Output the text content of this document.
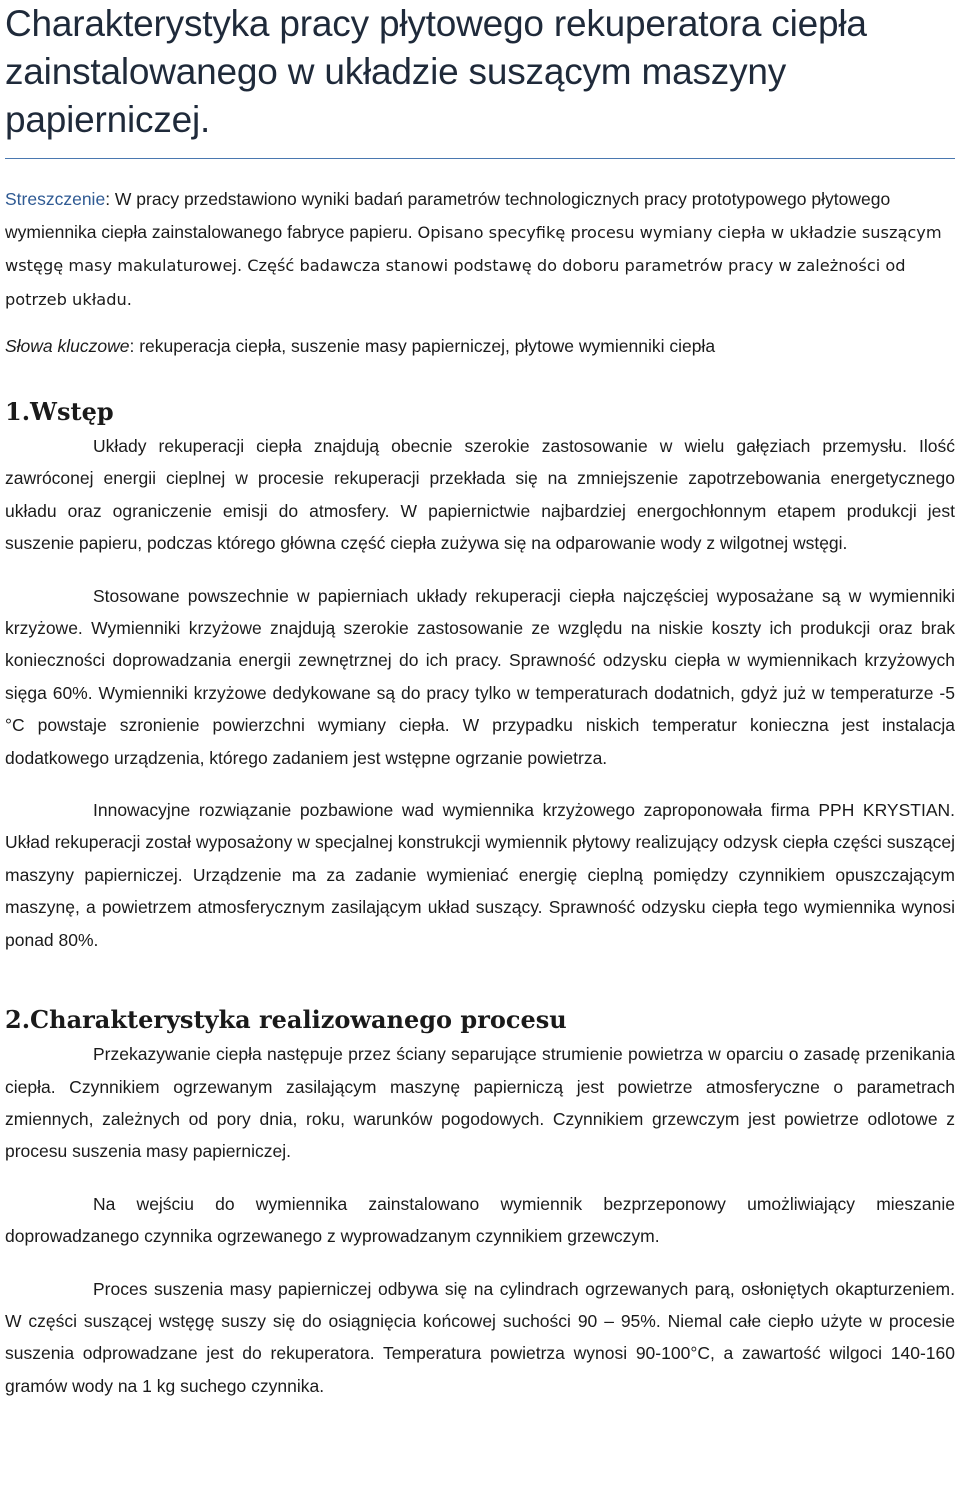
Charakterystyka pracy płytowego rekuperatora ciepła zainstalowanego w układzie suszącym maszyny papierniczej.

Streszczenie: W pracy przedstawiono wyniki badań parametrów technologicznych pracy prototypowego płytowego wymiennika ciepła zainstalowanego fabryce papieru. Opisano specyfikę procesu wymiany ciepła w układzie suszącym wstęgę masy makulaturowej. Część badawcza stanowi podstawę do doboru parametrów pracy w zależności od potrzeb układu.

Słowa kluczowe: rekuperacja ciepła, suszenie masy papierniczej, płytowe wymienniki ciepła

1.Wstęp

Układy rekuperacji ciepła znajdują obecnie szerokie zastosowanie w wielu gałęziach przemysłu. Ilość zawróconej energii cieplnej w procesie rekuperacji przekłada się na zmniejszenie zapotrzebowania energetycznego układu oraz ograniczenie emisji do atmosfery. W papiernictwie najbardziej energochłonnym etapem produkcji jest suszenie papieru, podczas którego główna część ciepła zużywa się na odparowanie wody z wilgotnej wstęgi.

Stosowane powszechnie w papierniach układy rekuperacji ciepła najczęściej wyposażane są w wymienniki krzyżowe. Wymienniki krzyżowe znajdują szerokie zastosowanie ze względu na niskie koszty ich produkcji oraz brak konieczności doprowadzania energii zewnętrznej do ich pracy. Sprawność odzysku ciepła w wymiennikach krzyżowych sięga 60%. Wymienniki krzyżowe dedykowane są do pracy tylko w temperaturach dodatnich, gdyż już w temperaturze -5 °C powstaje szronienie powierzchni wymiany ciepła. W przypadku niskich temperatur konieczna jest instalacja dodatkowego urządzenia, którego zadaniem jest wstępne ogrzanie powietrza.

Innowacyjne rozwiązanie pozbawione wad wymiennika krzyżowego zaproponowała firma PPH KRYSTIAN. Układ rekuperacji został wyposażony w specjalnej konstrukcji wymiennik płytowy realizujący odzysk ciepła części suszącej maszyny papierniczej. Urządzenie ma za zadanie wymieniać energię cieplną pomiędzy czynnikiem opuszczającym maszynę, a powietrzem atmosferycznym zasilającym układ suszący. Sprawność odzysku ciepła tego wymiennika wynosi ponad 80%.

2.Charakterystyka realizowanego procesu

Przekazywanie ciepła następuje przez ściany separujące strumienie powietrza w oparciu o zasadę przenikania ciepła. Czynnikiem ogrzewanym zasilającym maszynę papierniczą jest powietrze atmosferyczne o parametrach zmiennych, zależnych od pory dnia, roku, warunków pogodowych. Czynnikiem grzewczym jest powietrze odlotowe z procesu suszenia masy papierniczej.

Na wejściu do wymiennika zainstalowano wymiennik bezprzeponowy umożliwiający mieszanie doprowadzanego czynnika ogrzewanego z wyprowadzanym czynnikiem grzewczym.

Proces suszenia masy papierniczej odbywa się na cylindrach ogrzewanych parą, osłoniętych okapturzeniem. W części suszącej wstęgę suszy się do osiągnięcia końcowej suchości 90 – 95%. Niemal całe ciepło użyte w procesie suszenia odprowadzane jest do rekuperatora. Temperatura powietrza wynosi 90-100°C, a zawartość wilgoci 140-160 gramów wody na 1 kg suchego czynnika.
